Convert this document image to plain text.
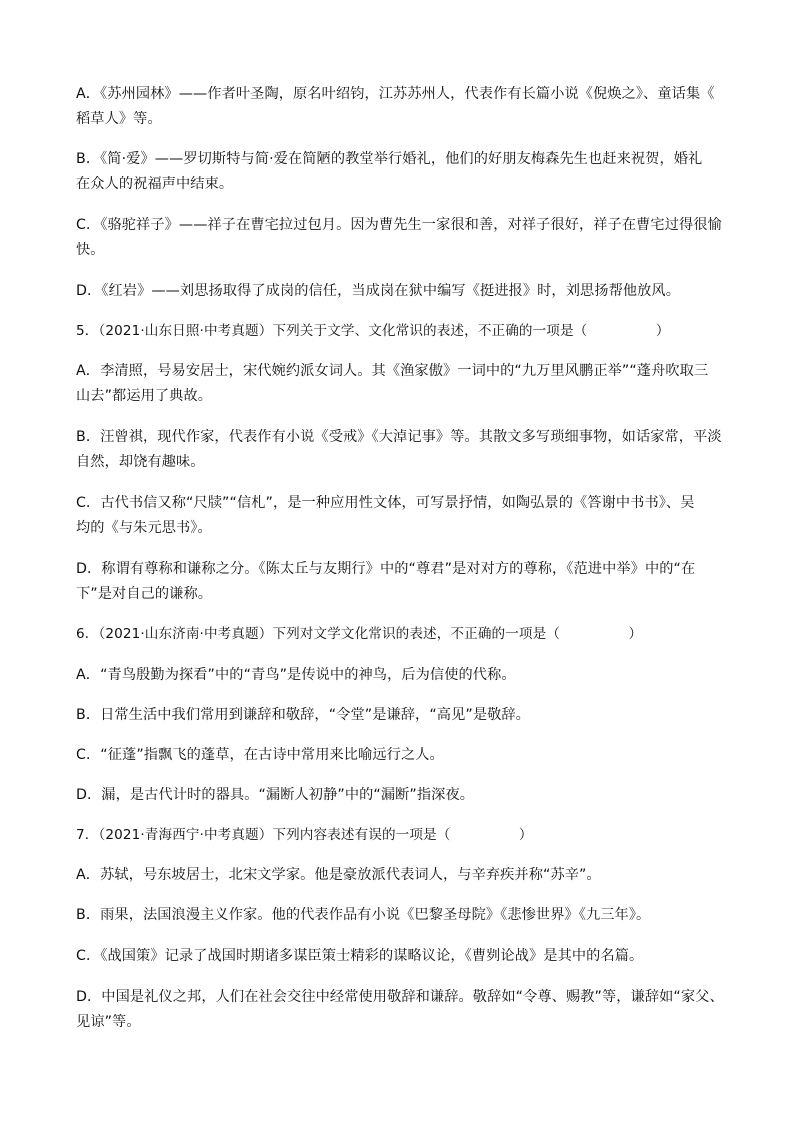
A．《苏州园林》——作者叶圣陶，原名叶绍钧，江苏苏州人，代表作有长篇小说《倪焕之》、童话集《
稻草人》等。
B．《简·爱》——罗切斯特与简·爱在简陋的教堂举行婚礼，他们的好朋友梅森先生也赶来祝贺，婚礼
在众人的祝福声中结束。
C．《骆驼祥子》——祥子在曹宅拉过包月。因为曹先生一家很和善，对祥子很好，祥子在曹宅过得很愉
快。
D．《红岩》——刘思扬取得了成岗的信任，当成岗在狱中编写《挺进报》时，刘思扬帮他放风。
5．（2021·山东日照·中考真题）下列关于文学、文化常识的表述，不正确的一项是（　　　　　）
A．李清照，号易安居士，宋代婉约派女词人。其《渔家傲》一词中的“九万里风鹏正举”“蓬舟吹取三
山去”都运用了典故。
B．汪曾祺，现代作家，代表作有小说《受戒》《大淖记事》等。其散文多写琐细事物，如话家常，平淡
自然，却饶有趣味。
C．古代书信又称“尺牍”“信札”，是一种应用性文体，可写景抒情，如陶弘景的《答谢中书书》、吴
均的《与朱元思书》。
D．称谓有尊称和谦称之分。《陈太丘与友期行》中的“尊君”是对对方的尊称，《范进中举》中的“在
下”是对自己的谦称。
6．（2021·山东济南·中考真题）下列对文学文化常识的表述，不正确的一项是（　　　　　）
A．“青鸟殷勤为探看”中的“青鸟”是传说中的神鸟，后为信使的代称。
B．日常生活中我们常用到谦辞和敬辞，“令堂”是谦辞，“高见”是敬辞。
C．“征蓬”指飘飞的蓬草，在古诗中常用来比喻远行之人。
D．漏，是古代计时的器具。“漏断人初静”中的“漏断”指深夜。
7．（2021·青海西宁·中考真题）下列内容表述有误的一项是（　　　　　）
A．苏轼，号东坡居士，北宋文学家。他是豪放派代表词人，与辛弃疾并称“苏辛”。
B．雨果，法国浪漫主义作家。他的代表作品有小说《巴黎圣母院》《悲惨世界》《九三年》。
C．《战国策》记录了战国时期诸多谋臣策士精彩的谋略议论，《曹刿论战》是其中的名篇。
D．中国是礼仪之邦，人们在社会交往中经常使用敬辞和谦辞。敬辞如“令尊、赐教”等，谦辞如“家父、
见谅”等。
